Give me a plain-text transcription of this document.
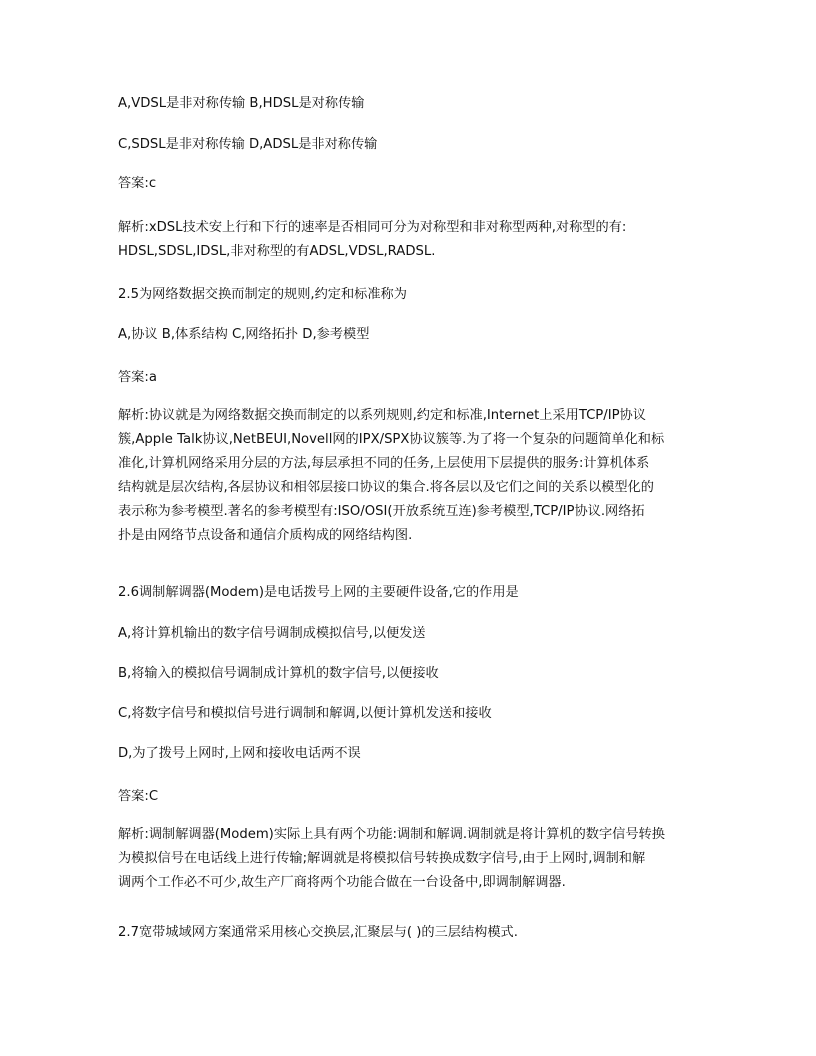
A,VDSL是非对称传输 B,HDSL是对称传输

C,SDSL是非对称传输 D,ADSL是非对称传输

答案:c

解析:xDSL技术安上行和下行的速率是否相同可分为对称型和非对称型两种,对称型的有:
HDSL,SDSL,IDSL,非对称型的有ADSL,VDSL,RADSL.

2.5为网络数据交换而制定的规则,约定和标准称为

A,协议 B,体系结构 C,网络拓扑 D,参考模型

答案:a

解析:协议就是为网络数据交换而制定的以系列规则,约定和标准,Internet上采用TCP/IP协议
簇,Apple Talk协议,NetBEUI,Novell网的IPX/SPX协议簇等.为了将一个复杂的问题简单化和标
准化,计算机网络采用分层的方法,每层承担不同的任务,上层使用下层提供的服务:计算机体系
结构就是层次结构,各层协议和相邻层接口协议的集合.将各层以及它们之间的关系以模型化的
表示称为参考模型.著名的参考模型有:ISO/OSI(开放系统互连)参考模型,TCP/IP协议.网络拓
扑是由网络节点设备和通信介质构成的网络结构图.

2.6调制解调器(Modem)是电话拨号上网的主要硬件设备,它的作用是

A,将计算机输出的数字信号调制成模拟信号,以便发送

B,将输入的模拟信号调制成计算机的数字信号,以便接收

C,将数字信号和模拟信号进行调制和解调,以便计算机发送和接收

D,为了拨号上网时,上网和接收电话两不误

答案:C

解析:调制解调器(Modem)实际上具有两个功能:调制和解调.调制就是将计算机的数字信号转换
为模拟信号在电话线上进行传输;解调就是将模拟信号转换成数字信号,由于上网时,调制和解
调两个工作必不可少,故生产厂商将两个功能合做在一台设备中,即调制解调器.

2.7宽带城域网方案通常采用核心交换层,汇聚层与( )的三层结构模式.
